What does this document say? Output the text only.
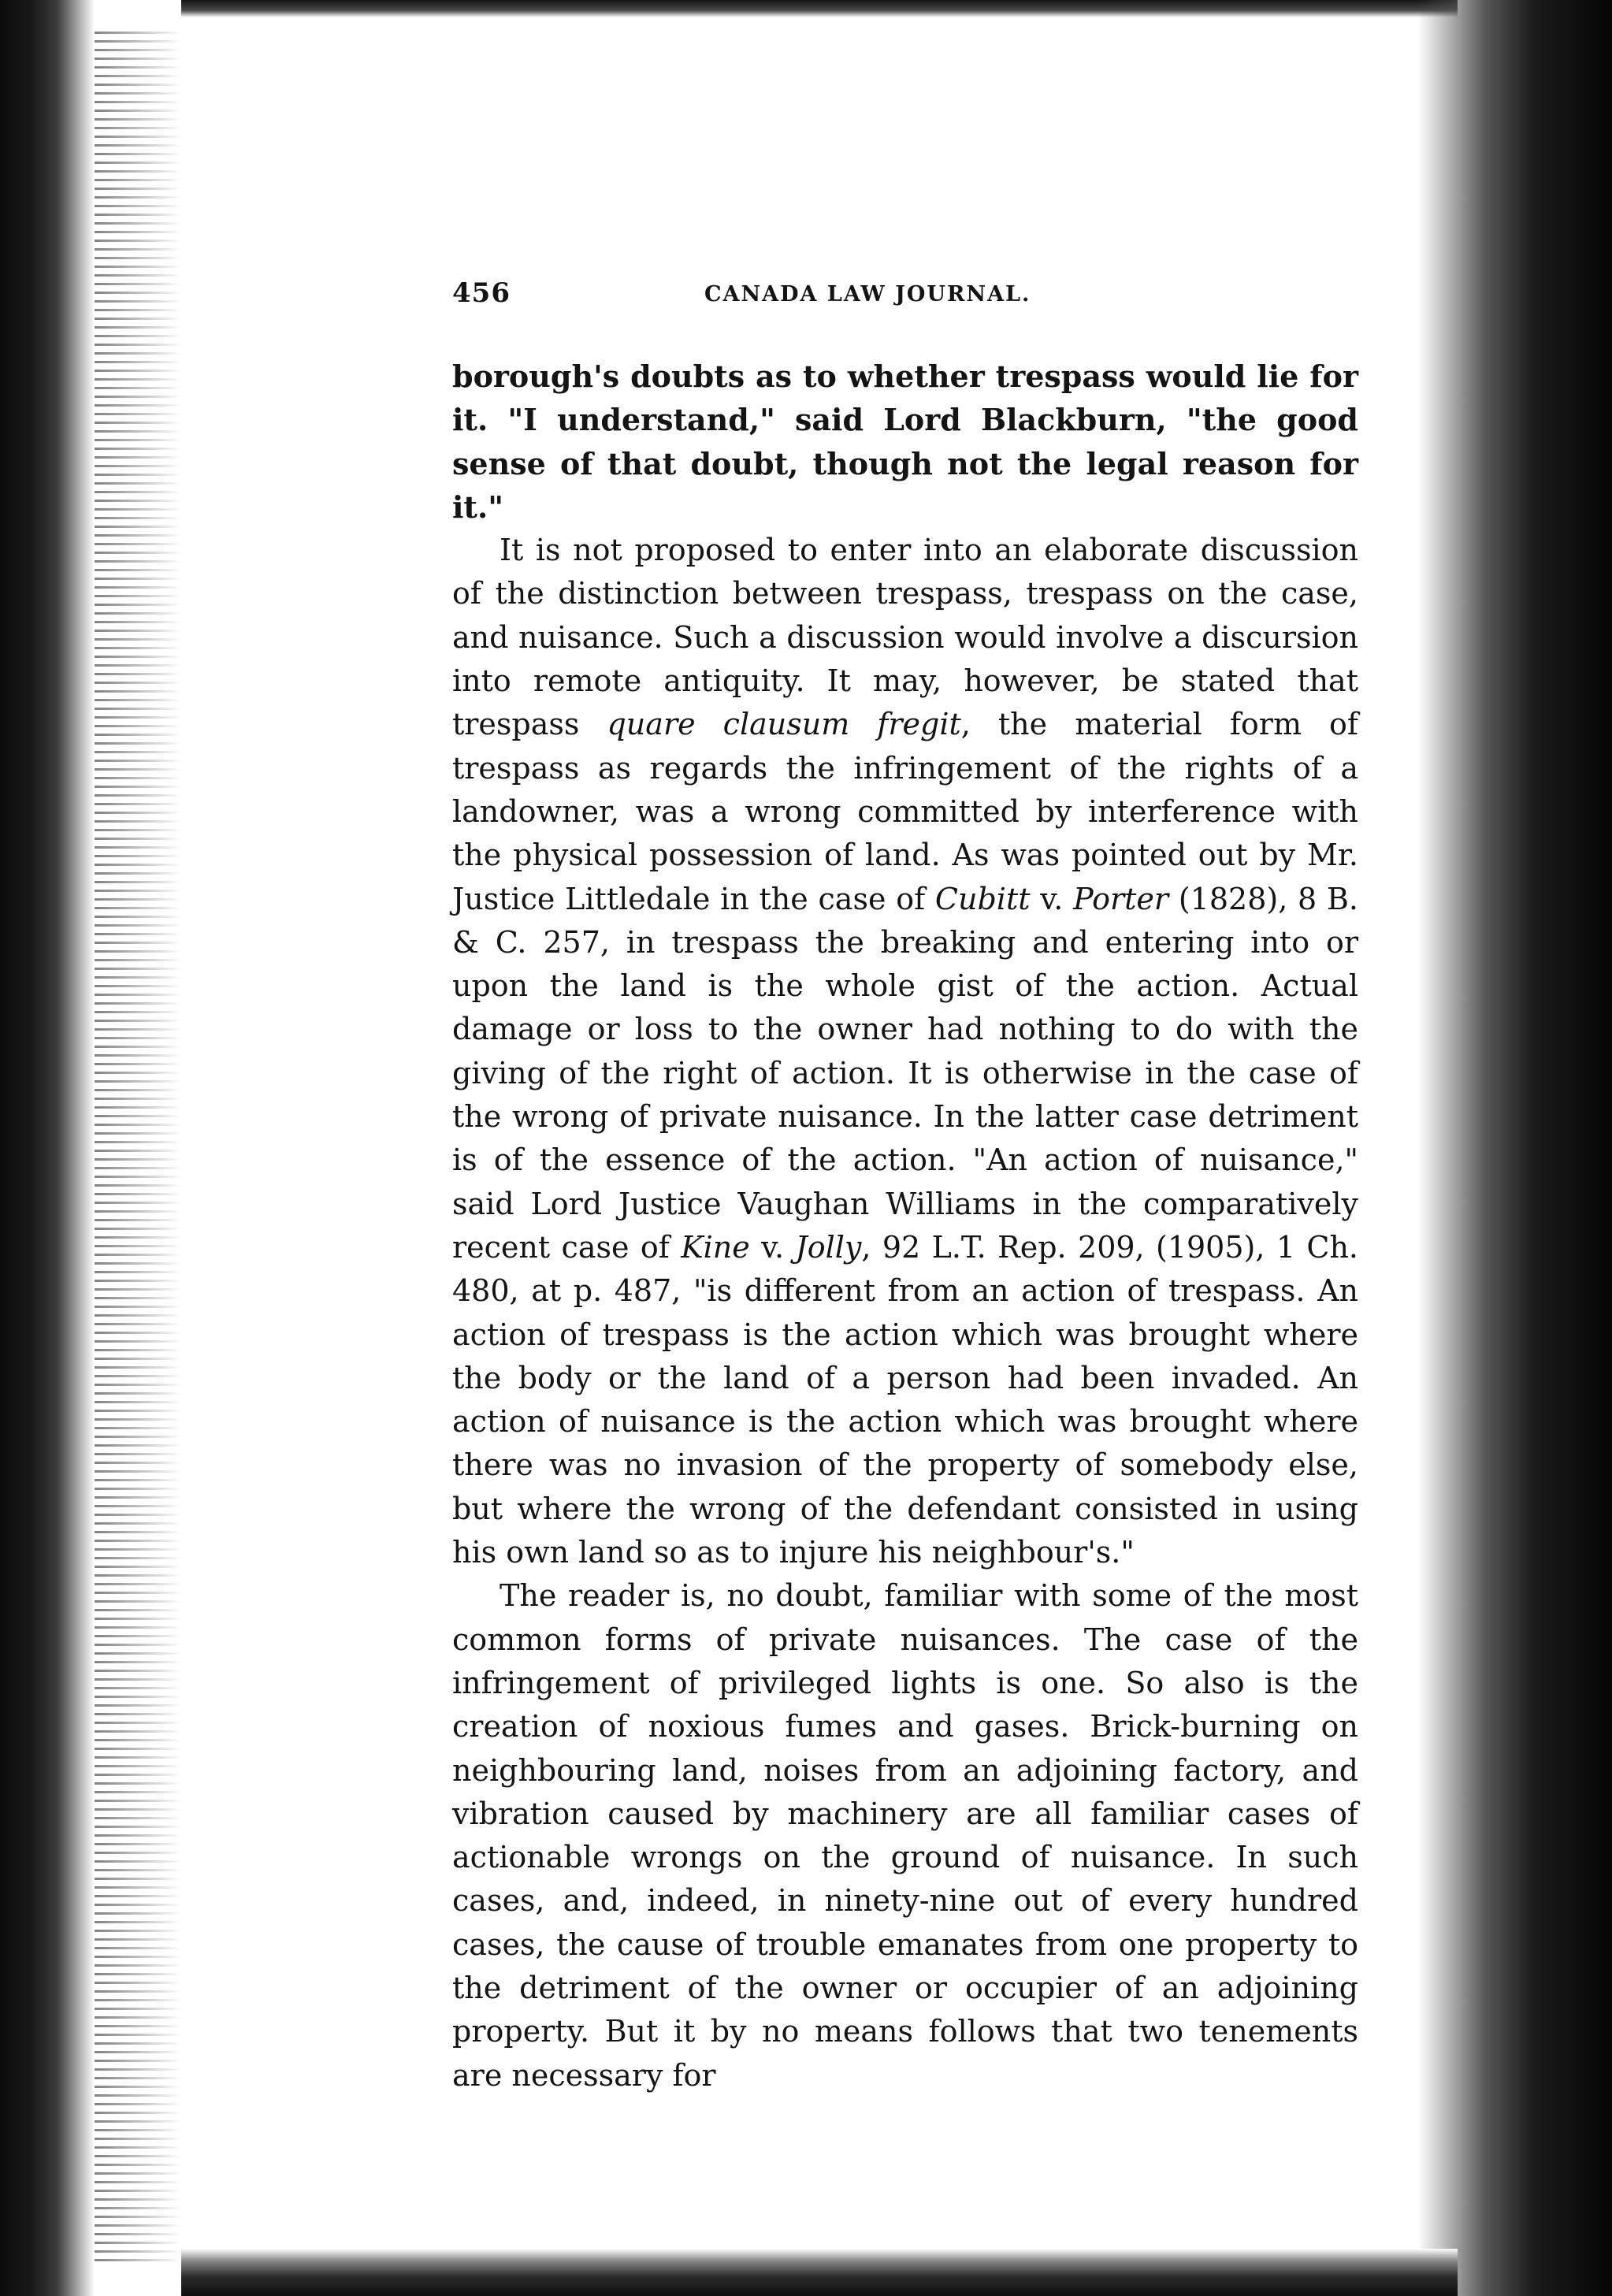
456	CANADA LAW JOURNAL.

borough's doubts as to whether trespass would lie for it. "I understand," said Lord Blackburn, "the good sense of that doubt, though not the legal reason for it."

It is not proposed to enter into an elaborate discussion of the distinction between trespass, trespass on the case, and nuisance. Such a discussion would involve a discursion into remote antiquity. It may, however, be stated that trespass quare clausum fregit, the material form of trespass as regards the infringement of the rights of a landowner, was a wrong committed by interference with the physical possession of land. As was pointed out by Mr. Justice Littledale in the case of Cubitt v. Porter (1828), 8 B. & C. 257, in trespass the breaking and entering into or upon the land is the whole gist of the action. Actual damage or loss to the owner had nothing to do with the giving of the right of action. It is otherwise in the case of the wrong of private nuisance. In the latter case detriment is of the essence of the action. "An action of nuisance," said Lord Justice Vaughan Williams in the comparatively recent case of Kine v. Jolly, 92 L.T. Rep. 209, (1905), 1 Ch. 480, at p. 487, "is different from an action of trespass. An action of trespass is the action which was brought where the body or the land of a person had been invaded. An action of nuisance is the action which was brought where there was no invasion of the property of somebody else, but where the wrong of the defendant consisted in using his own land so as to injure his neighbour's."

The reader is, no doubt, familiar with some of the most common forms of private nuisances. The case of the infringement of privileged lights is one. So also is the creation of noxious fumes and gases. Brick-burning on neighbouring land, noises from an adjoining factory, and vibration caused by machinery are all familiar cases of actionable wrongs on the ground of nuisance. In such cases, and, indeed, in ninety-nine out of every hundred cases, the cause of trouble emanates from one property to the detriment of the owner or occupier of an adjoining property. But it by no means follows that two tenements are necessary for
